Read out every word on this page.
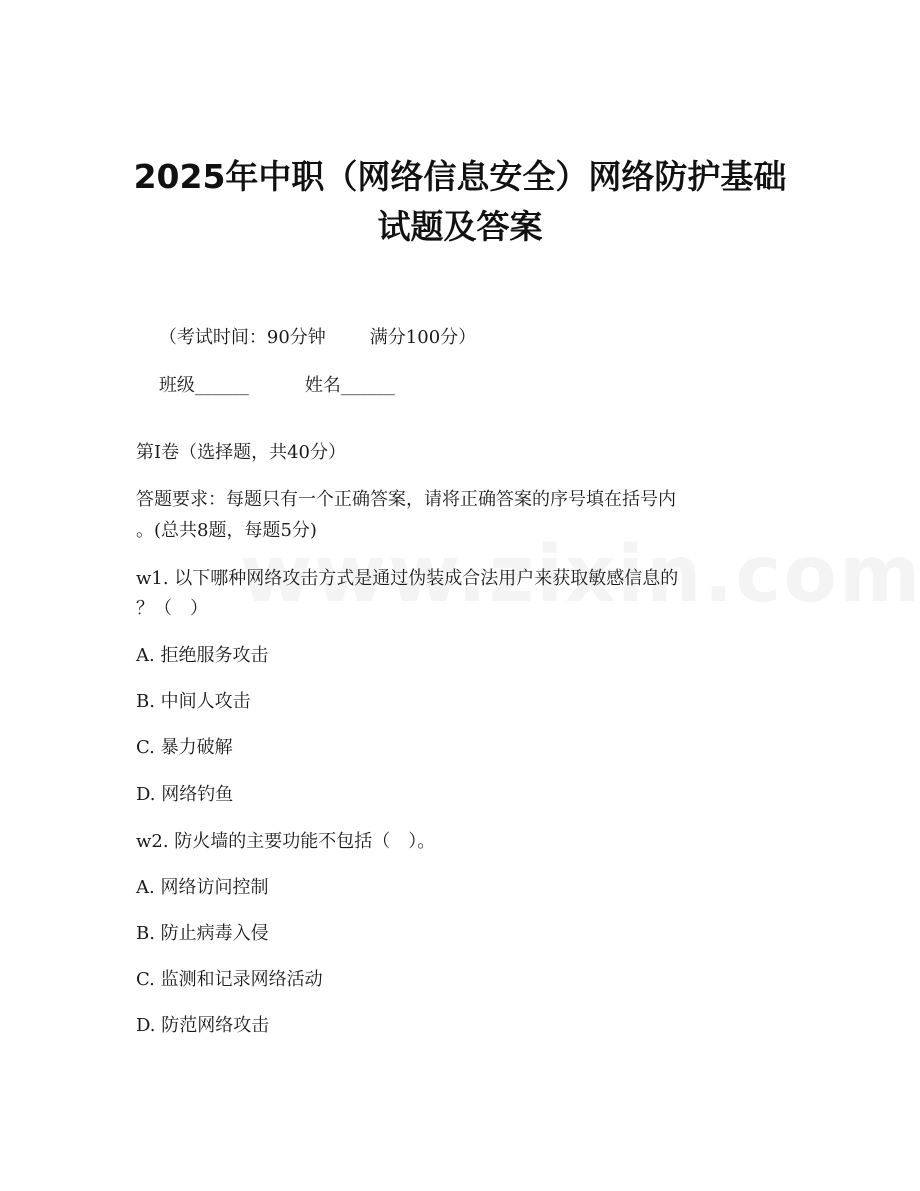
2025年中职（网络信息安全）网络防护基础
试题及答案

（考试时间：90分钟 满分100分）

班级______	姓名______

第I卷（选择题，共40分）
答题要求：每题只有一个正确答案，请将正确答案的序号填在括号内
。(总共8题，每题5分)
w1. 以下哪种网络攻击方式是通过伪装成合法用户来获取敏感信息的
？（　）
A. 拒绝服务攻击
B. 中间人攻击
C. 暴力破解
D. 网络钓鱼
w2. 防火墙的主要功能不包括（　）。
A. 网络访问控制
B. 防止病毒入侵
C. 监测和记录网络活动
D. 防范网络攻击
